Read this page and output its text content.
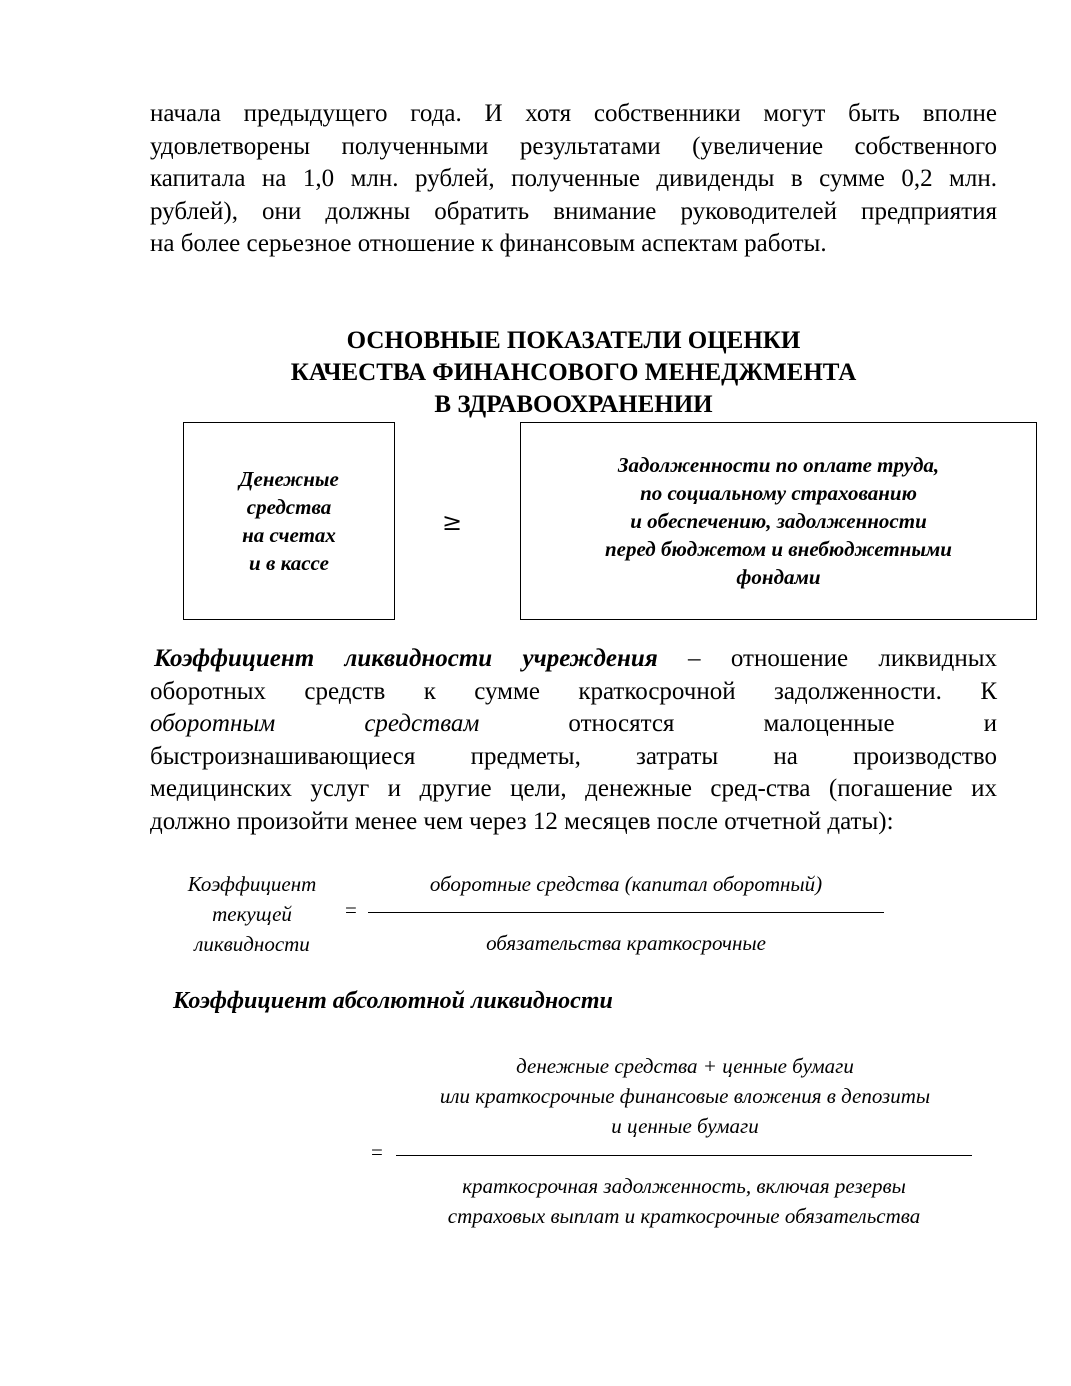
начала предыдущего года. И хотя собственники могут быть вполне
удовлетворены полученными результатами (увеличение собственного
капитала на 1,0 млн. рублей, полученные дивиденды в сумме 0,2 млн.
рублей), они должны обратить внимание руководителей предприятия
на более серьезное отношение к финансовым аспектам работы.

ОСНОВНЫЕ ПОКАЗАТЕЛИ ОЦЕНКИ
КАЧЕСТВА ФИНАНСОВОГО МЕНЕДЖМЕНТА
В ЗДРАВООХРАНЕНИИ
Денежные
средства
на счетах
и в кассе
≥
Задолженности по оплате труда,
по социальному страхованию
и обеспечению, задолженности
перед бюджетом и внебюджетными
фондами

Коэффициент ликвидности учреждения – отношение ликвидных
оборотных средств к сумме краткосрочной задолженности. К
оборотным средствам относятся малоценные и
быстроизнашивающиеся предметы, затраты на производство
медицинских услуг и другие цели, денежные сред-ства (погашение их
должно произойти менее чем через 12 месяцев после отчетной даты):

Коэффициент
текущей
ликвидности
=
оборотные средства (капитал оборотный)
обязательства краткосрочные
Коэффициент абсолютной ликвидности
денежные средства + ценные бумаги
или краткосрочные финансовые вложения в депозиты
и ценные бумаги
=
краткосрочная задолженность, включая резервы
страховых выплат и краткосрочные обязательства
